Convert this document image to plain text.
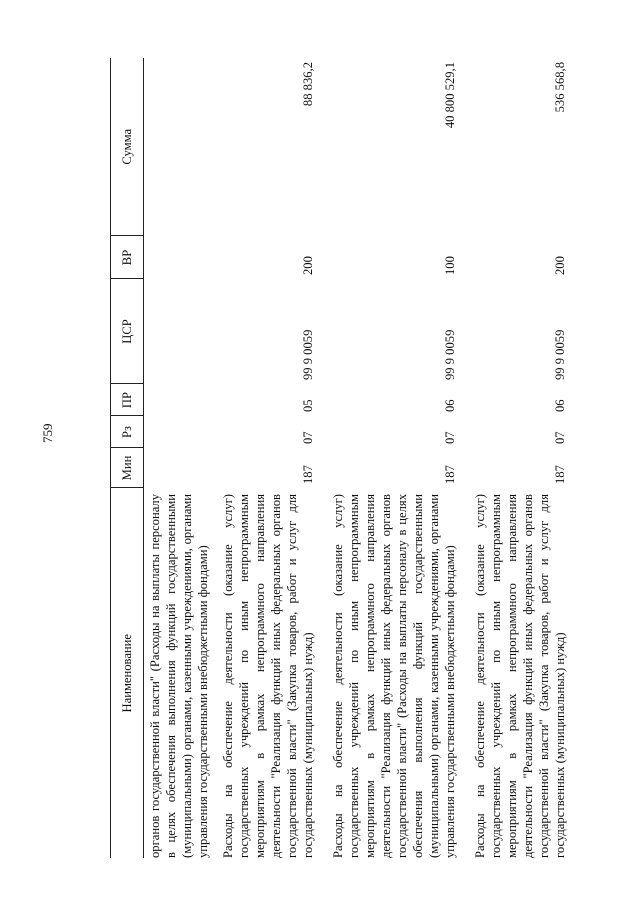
759
Наименование	Мин	Рз	ПР	ЦСР	ВР	Сумма
органов государственной власти" (Расходы на выплаты персоналу в целях обеспечения выполнения функций государственными (муниципальными) органами, казенными учреждениями, органами управления государственными внебюджетными фондами)						
Расходы на обеспечение деятельности (оказание услуг) государственных учреждений по иным непрограммным мероприятиям в рамках непрограммного направления деятельности "Реализация функций иных федеральных органов государственной власти" (Закупка товаров, работ и услуг для государственных (муниципальных) нужд)	187	07	05	99 9 0059	200	88 836,2
Расходы на обеспечение деятельности (оказание услуг) государственных учреждений по иным непрограммным мероприятиям в рамках непрограммного направления деятельности "Реализация функций иных федеральных органов государственной власти" (Расходы на выплаты персоналу в целях обеспечения выполнения функций государственными (муниципальными) органами, казенными учреждениями, органами управления государственными внебюджетными фондами)	187	07	06	99 9 0059	100	40 800 529,1
Расходы на обеспечение деятельности (оказание услуг) государственных учреждений по иным непрограммным мероприятиям в рамках непрограммного направления деятельности "Реализация функций иных федеральных органов государственной власти" (Закупка товаров, работ и услуг для государственных (муниципальных) нужд)	187	07	06	99 9 0059	200	536 568,8
